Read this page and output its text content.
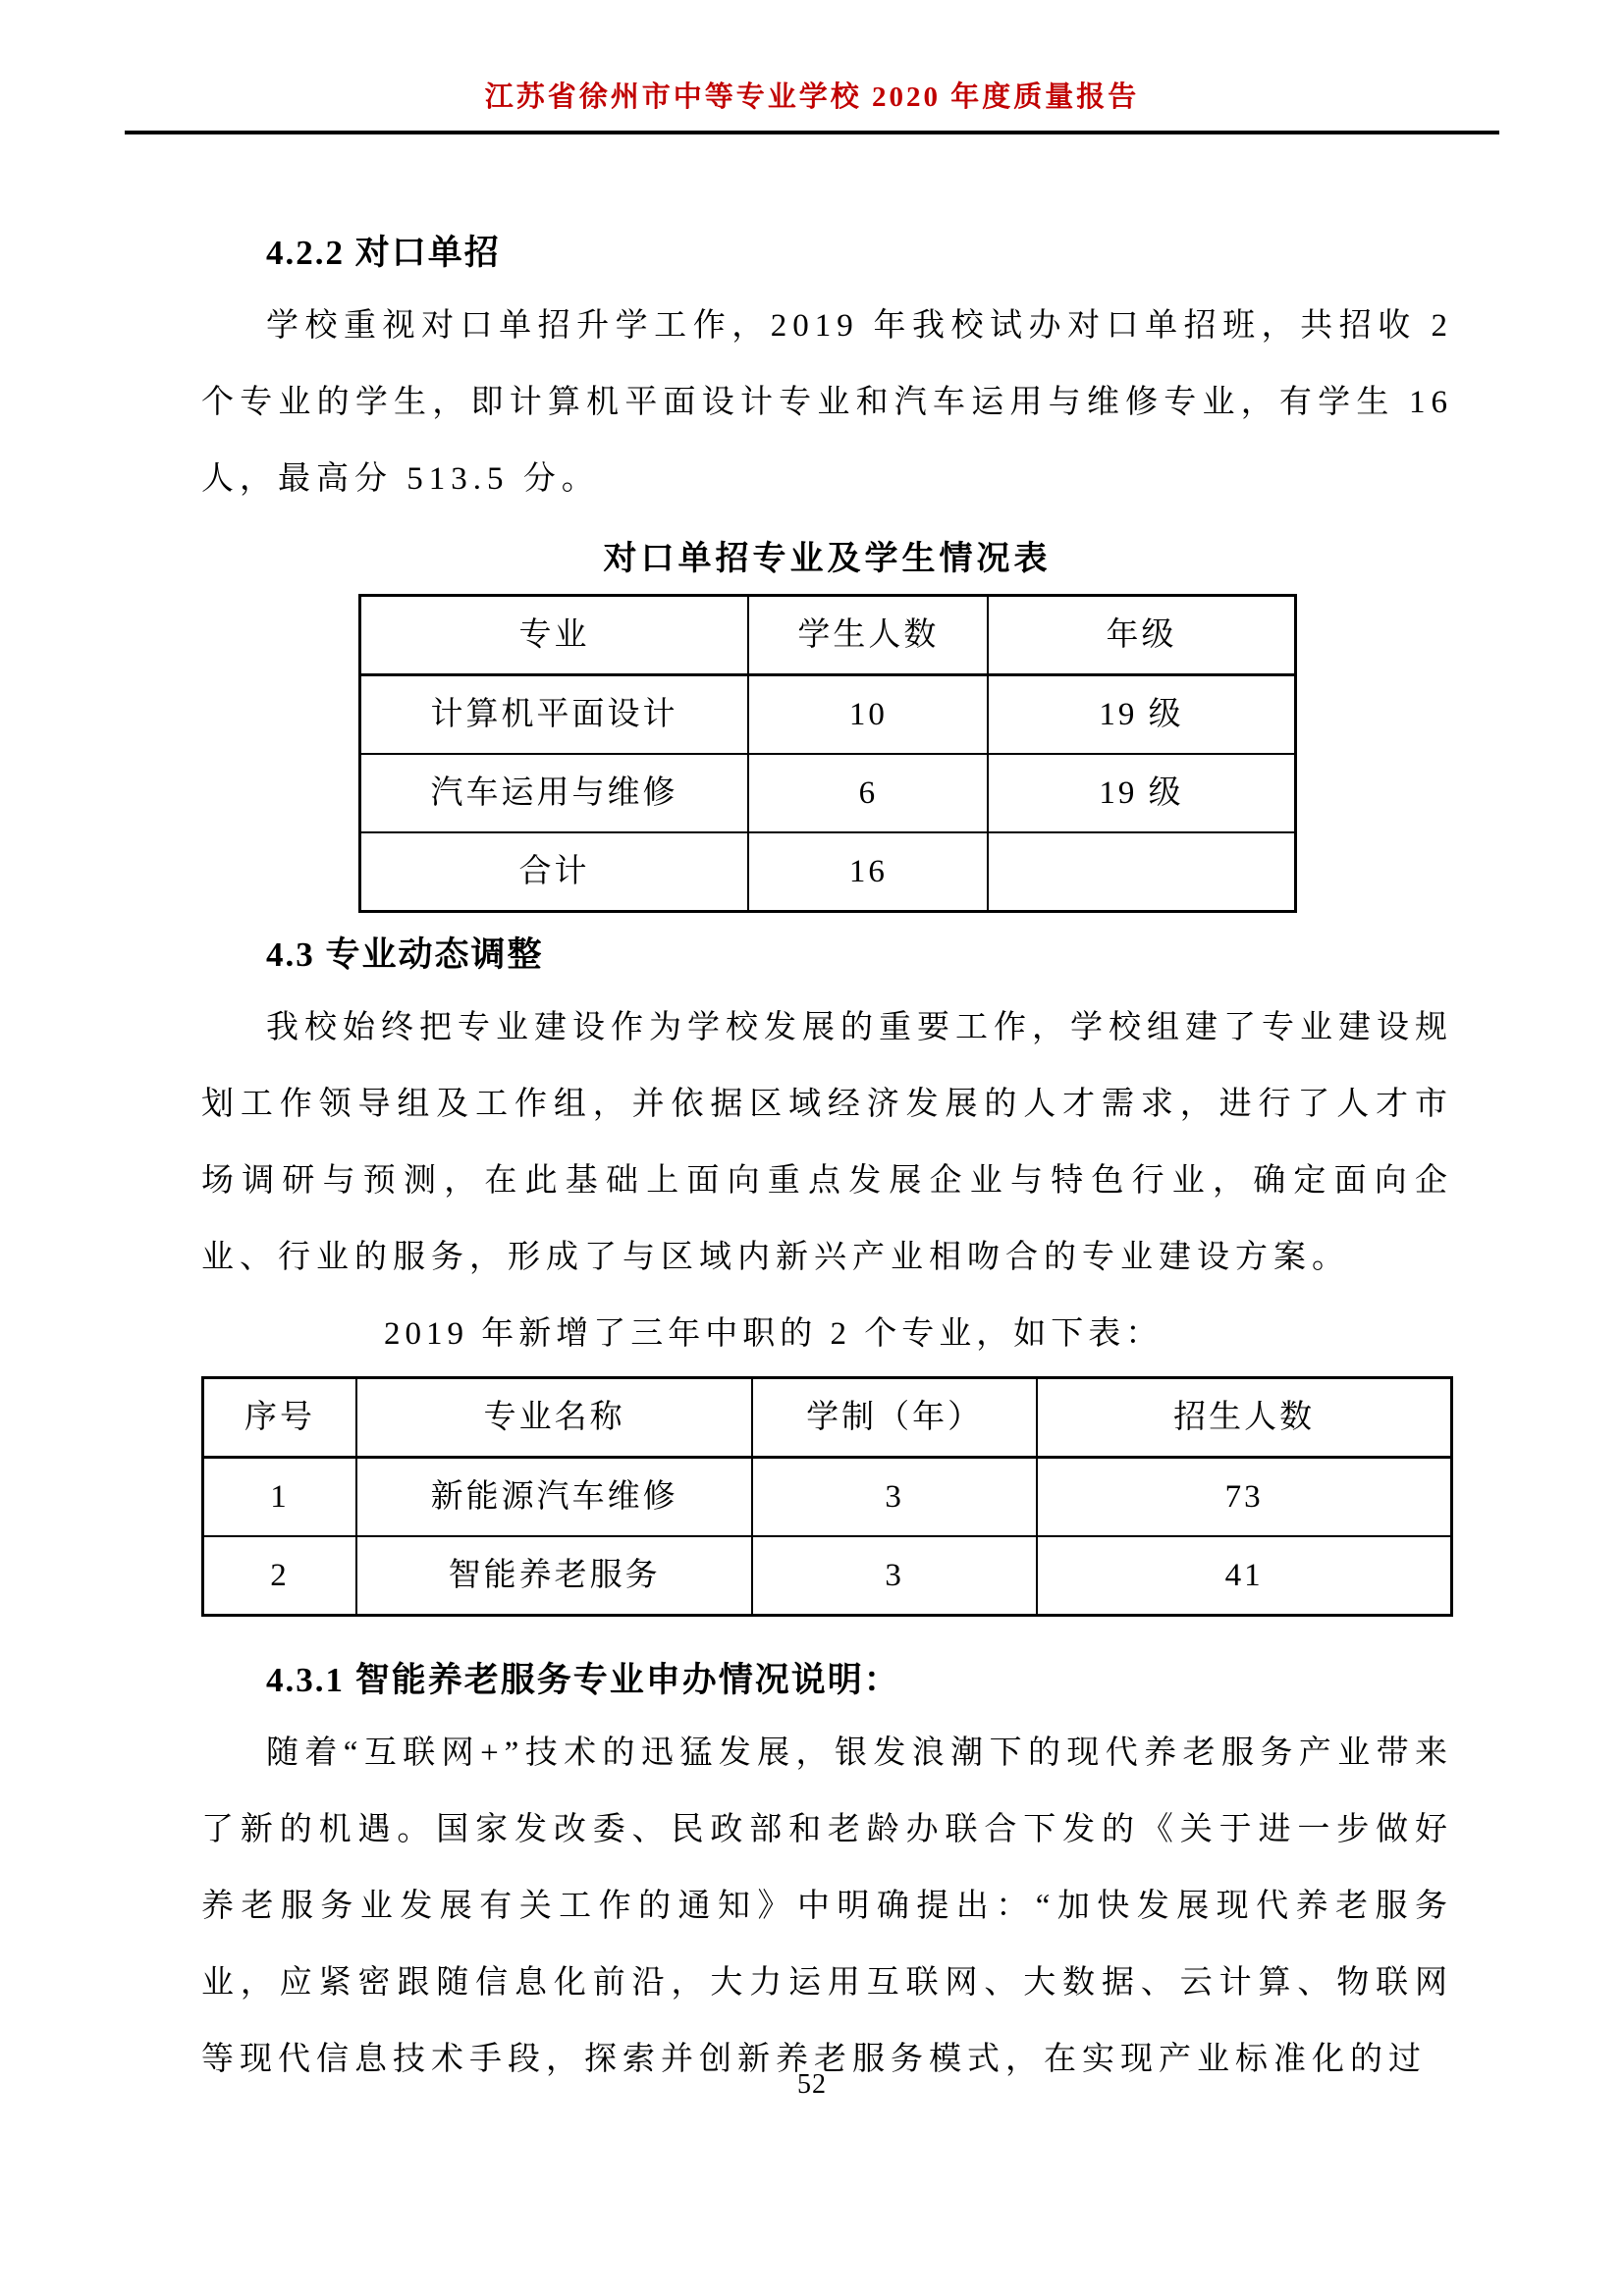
江苏省徐州市中等专业学校 2020 年度质量报告
4.2.2 对口单招

学校重视对口单招升学工作，2019 年我校试办对口单招班，共招收 2 个专业的学生，即计算机平面设计专业和汽车运用与维修专业，有学生 16 人，最高分 513.5 分。

对口单招专业及学生情况表
专业	学生人数	年级
计算机平面设计	10	19 级
汽车运用与维修	6	19 级
合计	16	
4.3 专业动态调整

我校始终把专业建设作为学校发展的重要工作，学校组建了专业建设规划工作领导组及工作组，并依据区域经济发展的人才需求，进行了人才市场调研与预测，在此基础上面向重点发展企业与特色行业，确定面向企业、行业的服务，形成了与区域内新兴产业相吻合的专业建设方案。

2019 年新增了三年中职的 2 个专业，如下表：

序号	专业名称	学制（年）	招生人数
1	新能源汽车维修	3	73
2	智能养老服务	3	41
4.3.1 智能养老服务专业申办情况说明：

随着“互联网+”技术的迅猛发展，银发浪潮下的现代养老服务产业带来了新的机遇。国家发改委、民政部和老龄办联合下发的《关于进一步做好养老服务业发展有关工作的通知》中明确提出：“加快发展现代养老服务业，应紧密跟随信息化前沿，大力运用互联网、大数据、云计算、物联网等现代信息技术手段，探索并创新养老服务模式，在实现产业标准化的过

52
